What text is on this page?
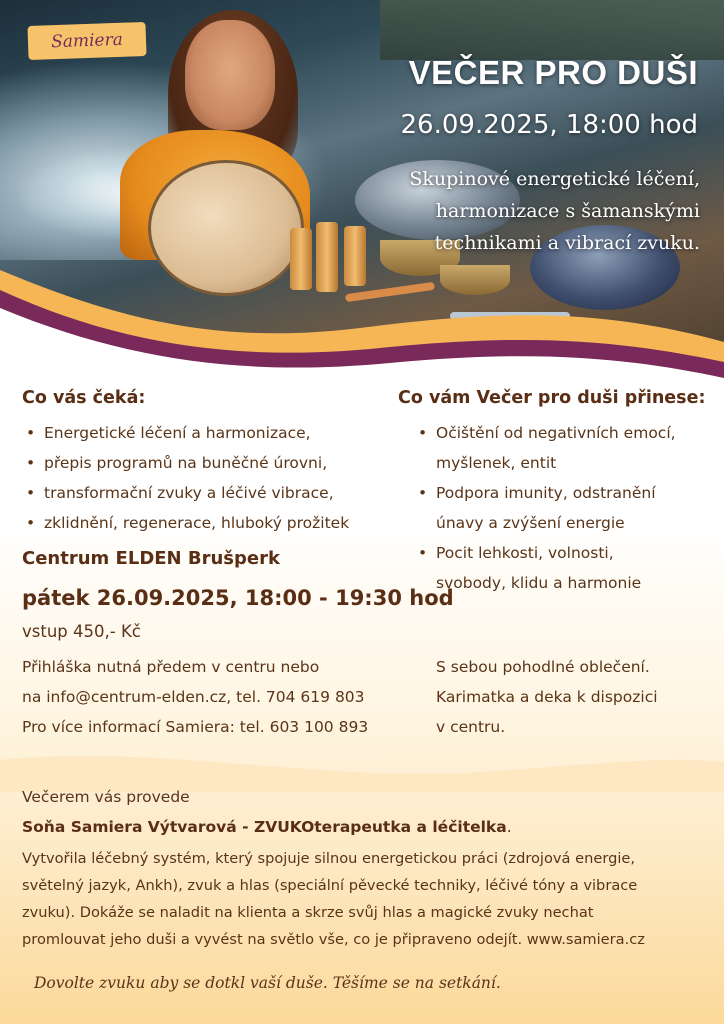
Samiera
VEČER PRO DUŠI
26.09.2025, 18:00 hod
Skupinové energetické léčení,
harmonizace s šamanskými
technikami a vibrací zvuku.
Co vás čeká:
• Energetické léčení a harmonizace,
• přepis programů na buněčné úrovni,
• transformační zvuky a léčivé vibrace,
• zklidnění, regenerace, hluboký prožitek
Centrum ELDEN Brušperk
pátek 26.09.2025, 18:00 - 19:30 hod
vstup 450,- Kč
Přihláška nutná předem v centru nebo
na info@centrum-elden.cz, tel. 704 619 803
Pro více informací Samiera: tel. 603 100 893
Co vám Večer pro duši přinese:
• Očištění od negativních emocí,
myšlenek, entit
• Podpora imunity, odstranění
únavy a zvýšení energie
• Pocit lehkosti, volnosti,
svobody, klidu a harmonie
S sebou pohodlné oblečení.
Karimatka a deka k dispozici
v centru.
Večerem vás provede
Soňa Samiera Výtvarová - ZVUKOterapeutka a léčitelka.
Vytvořila léčebný systém, který spojuje silnou energetickou práci (zdrojová energie,
světelný jazyk, Ankh), zvuk a hlas (speciální pěvecké techniky, léčivé tóny a vibrace
zvuku). Dokáže se naladit na klienta a skrze svůj hlas a magické zvuky nechat
promlouvat jeho duši a vyvést na světlo vše, co je připraveno odejít. www.samiera.cz
Dovolte zvuku aby se dotkl vaší duše. Těšíme se na setkání.
